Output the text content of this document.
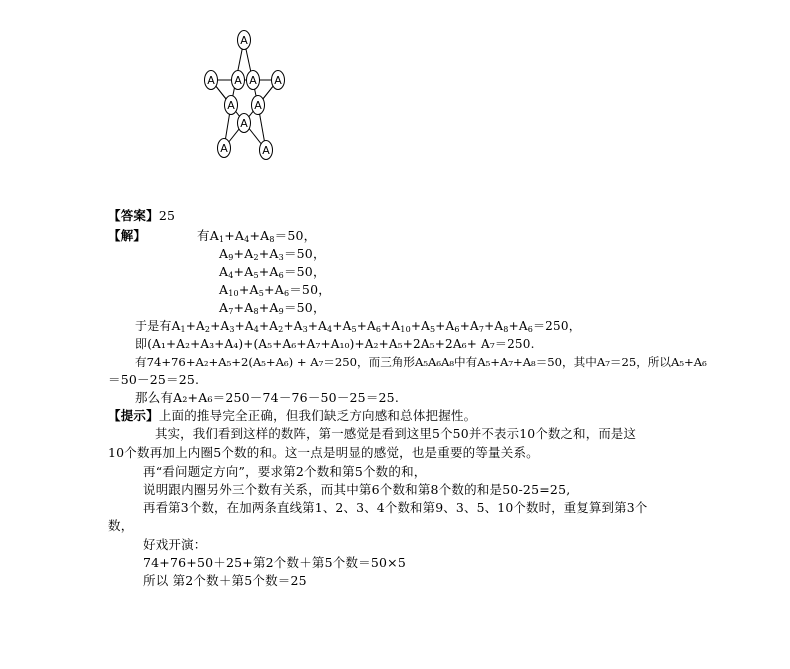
A
A A A A
A A
A
A	A
【答案】25
【解】	有$A_1+A_4+A_8=50$，
$A_9+A_2+A_3=50$，
$A_4+A_5+A_6=50$，
$A_{10}+A_5+A_6=50$，
$A_7+A_8+A_9=50$，
于是有$A_1+A_2+A_3+A_4+A_2+A_3+A_4+A_5+A_6+A_{10}+A_5+A_6+A_7+A_8+A_6=250$，
即(A₁+A₂+A₃+A₄)+(A₅+A₆+A₇+A₁₀)+A₂+A₅+2A₅+2A₆+ A₇＝250.
有74+76+A₂+A₅+2(A₅+A₆) + A₇＝250，而三角形A₅A₆A₈中有A₅+A₇+A₈＝50，其中A₇＝25，所以A₅+A₆
＝50－25＝25.
那么有A₂+A₆＝250－74－76－50－25＝25.
【提示】上面的推导完全正确，但我们缺乏方向感和总体把握性。
其实，我们看到这样的数阵，第一感觉是看到这里5个50并不表示10个数之和，而是这
10个数再加上内圈5个数的和。这一点是明显的感觉，也是重要的等量关系。
再“看问题定方向”，要求第2个数和第5个数的和，
说明跟内圈另外三个数有关系，而其中第6个数和第8个数的和是50-25=25,
再看第3个数，在加两条直线第1、2、3、4个数和第9、3、5、10个数时，重复算到第3个
数，
好戏开演：
74+76+50＋25+第2个数＋第5个数＝50×5
所以 第2个数＋第5个数＝25
